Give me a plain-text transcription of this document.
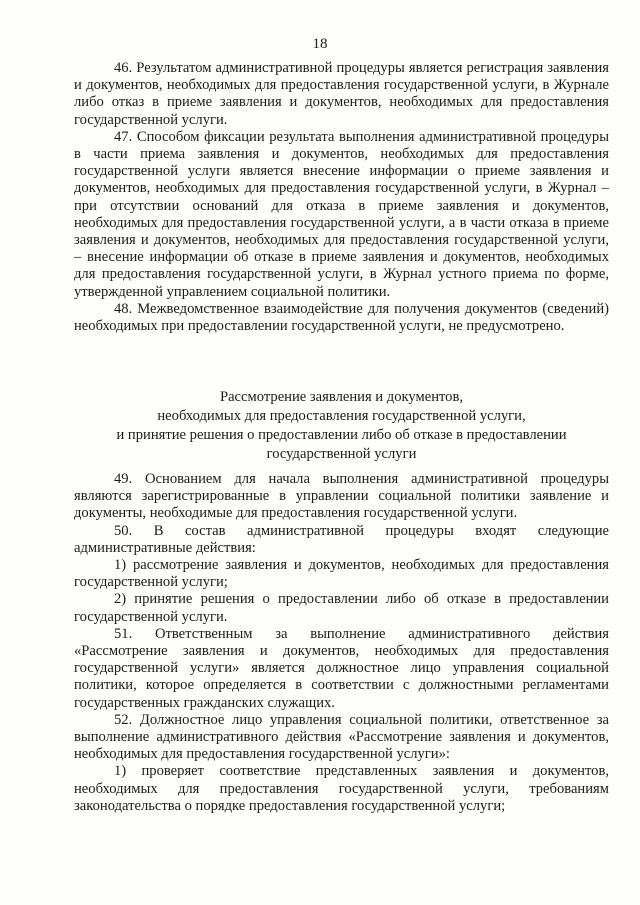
18

46. Результатом административной процедуры является регистрация заявления и документов, необходимых для предоставления государственной услуги, в Журнале либо отказ в приеме заявления и документов, необходимых для предоставления государственной услуги.

47. Способом фиксации результата выполнения административной процедуры в части приема заявления и документов, необходимых для предоставления государственной услуги является внесение информации о приеме заявления и документов, необходимых для предоставления государственной услуги, в Журнал – при отсутствии оснований для отказа в приеме заявления и документов, необходимых для предоставления государственной услуги, а в части отказа в приеме заявления и документов, необходимых для предоставления государственной услуги, – внесение информации об отказе в приеме заявления и документов, необходимых для предоставления государственной услуги, в Журнал устного приема по форме, утвержденной управлением социальной политики.

48. Межведомственное взаимодействие для получения документов (сведений) необходимых при предоставлении государственной услуги, не предусмотрено.

Рассмотрение заявления и документов,
необходимых для предоставления государственной услуги,
и принятие решения о предоставлении либо об отказе в предоставлении
государственной услуги

49. Основанием для начала выполнения административной процедуры являются зарегистрированные в управлении социальной политики заявление и документы, необходимые для предоставления государственной услуги.

50. В состав административной процедуры входят следующие административные действия:

1) рассмотрение заявления и документов, необходимых для предоставления государственной услуги;

2) принятие решения о предоставлении либо об отказе в предоставлении государственной услуги.

51. Ответственным за выполнение административного действия «Рассмотрение заявления и документов, необходимых для предоставления государственной услуги» является должностное лицо управления социальной политики, которое определяется в соответствии с должностными регламентами государственных гражданских служащих.

52. Должностное лицо управления социальной политики, ответственное за выполнение административного действия «Рассмотрение заявления и документов, необходимых для предоставления государственной услуги»:

1) проверяет соответствие представленных заявления и документов, необходимых для предоставления государственной услуги, требованиям законодательства о порядке предоставления государственной услуги;
